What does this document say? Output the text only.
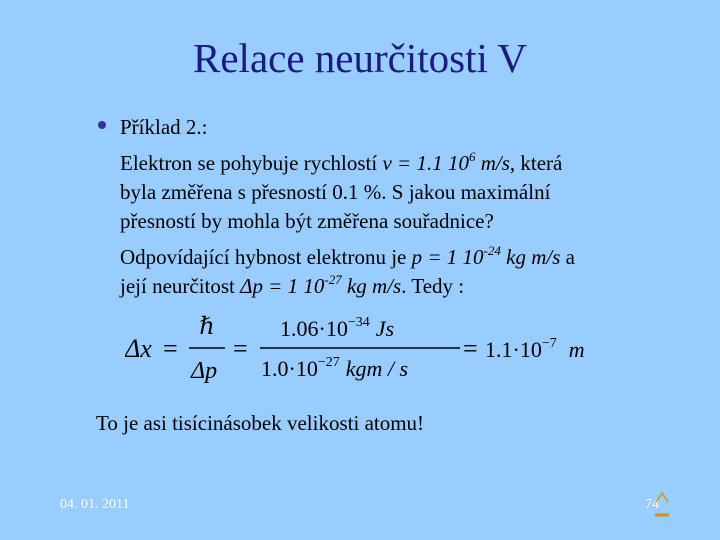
Relace neurčitosti V
Příklad 2.:
Elektron se pohybuje rychlostí v = 1.1 $10^6$ m/s, která
byla změřena s přesností 0.1 %. S jakou maximální
přesností by mohla být změřena souřadnice?
Odpovídající hybnost elektronu je p = 1 $10^{-24}$ kg m/s a
její neurčitost Δp = 1 $10^{-27}$ kg m/s. Tedy :
Δx =
ℏ
Δp
=
$1.06\cdot 10^{-34}$ Js
$1.0\cdot 10^{-27}$ kgm / s
= $1.1\cdot 10^{-7}$ m
To je asi tisícinásobek velikosti atomu!
04. 01. 2011	74
